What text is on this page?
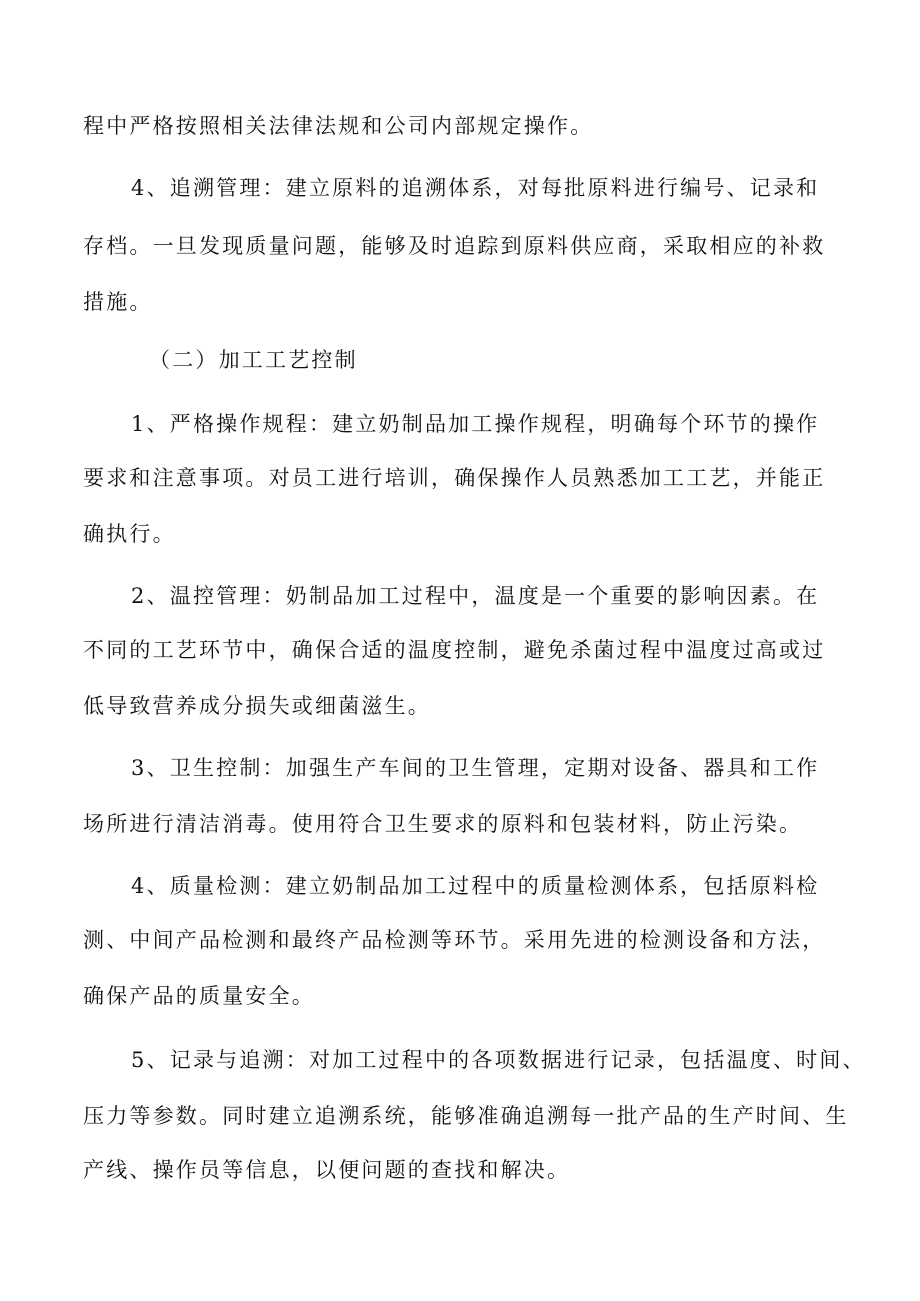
程中严格按照相关法律法规和公司内部规定操作。
4、追溯管理：建立原料的追溯体系，对每批原料进行编号、记录和
存档。一旦发现质量问题，能够及时追踪到原料供应商，采取相应的补救
措施。
（二）加工工艺控制
1、严格操作规程：建立奶制品加工操作规程，明确每个环节的操作
要求和注意事项。对员工进行培训，确保操作人员熟悉加工工艺，并能正
确执行。
2、温控管理：奶制品加工过程中，温度是一个重要的影响因素。在
不同的工艺环节中，确保合适的温度控制，避免杀菌过程中温度过高或过
低导致营养成分损失或细菌滋生。
3、卫生控制：加强生产车间的卫生管理，定期对设备、器具和工作
场所进行清洁消毒。使用符合卫生要求的原料和包装材料，防止污染。
4、质量检测：建立奶制品加工过程中的质量检测体系，包括原料检
测、中间产品检测和最终产品检测等环节。采用先进的检测设备和方法，
确保产品的质量安全。
5、记录与追溯：对加工过程中的各项数据进行记录，包括温度、时间、
压力等参数。同时建立追溯系统，能够准确追溯每一批产品的生产时间、生
产线、操作员等信息，以便问题的查找和解决。
